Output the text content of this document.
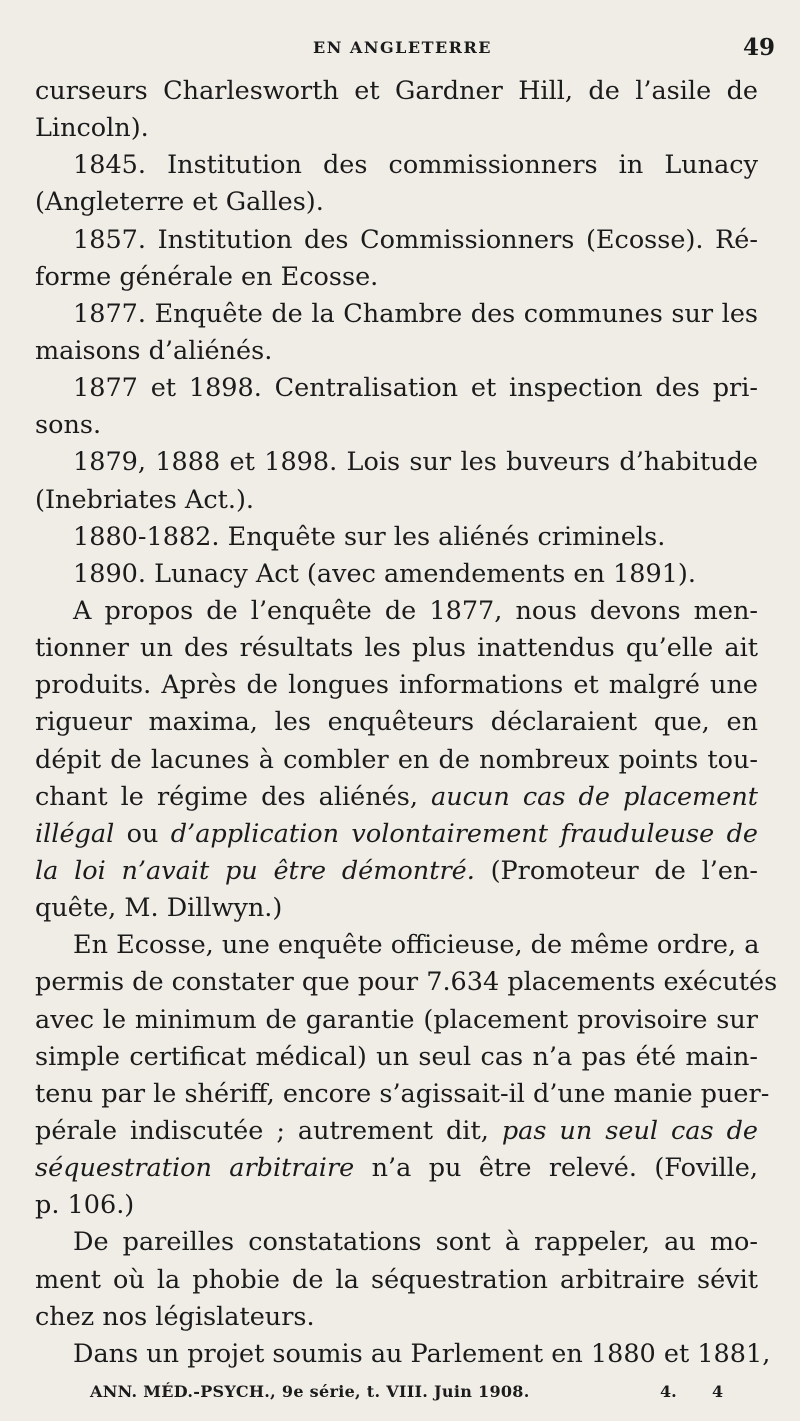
EN ANGLETERRE	49
curseurs Charlesworth et Gardner Hill, de l’asile de
Lincoln).
1845. Institution des commissionners in Lunacy
(Angleterre et Galles).
1857. Institution des Commissionners (Ecosse). Ré-
forme générale en Ecosse.
1877. Enquête de la Chambre des communes sur les
maisons d’aliénés.
1877 et 1898. Centralisation et inspection des pri-
sons.
1879, 1888 et 1898. Lois sur les buveurs d’habitude
(Inebriates Act.).
1880-1882. Enquête sur les aliénés criminels.
1890. Lunacy Act (avec amendements en 1891).
A propos de l’enquête de 1877, nous devons men-
tionner un des résultats les plus inattendus qu’elle ait
produits. Après de longues informations et malgré une
rigueur maxima, les enquêteurs déclaraient que, en
dépit de lacunes à combler en de nombreux points tou-
chant le régime des aliénés, aucun cas de placement
illégal ou d’application volontairement frauduleuse de
la loi n’avait pu être démontré. (Promoteur de l’en-
quête, M. Dillwyn.)
En Ecosse, une enquête officieuse, de même ordre, a
permis de constater que pour 7.634 placements exécutés
avec le minimum de garantie (placement provisoire sur
simple certificat médical) un seul cas n’a pas été main-
tenu par le shériff, encore s’agissait-il d’une manie puer-
pérale indiscutée ; autrement dit, pas un seul cas de
séquestration arbitraire n’a pu être relevé. (Foville,
p. 106.)
De pareilles constatations sont à rappeler, au mo-
ment où la phobie de la séquestration arbitraire sévit
chez nos législateurs.
Dans un projet soumis au Parlement en 1880 et 1881,
ANN. MÉD.-PSYCH., 9e série, t. VIII. Juin 1908.	4. 4
